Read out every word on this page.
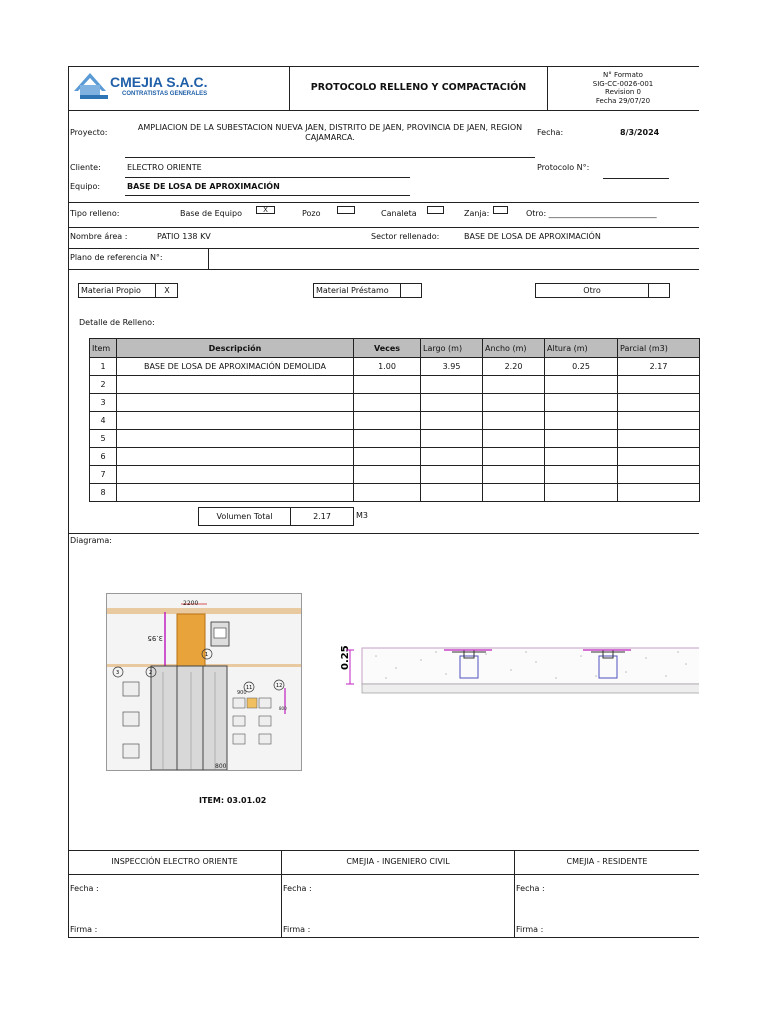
CMEJIA S.A.C.
CONTRATISTAS GENERALES
PROTOCOLO RELLENO Y COMPACTACIÓN
N° Formato
SIG-CC-0026-001
Revision 0
Fecha 29/07/20
Proyecto:
AMPLIACION DE LA SUBESTACION NUEVA JAEN, DISTRITO DE JAEN, PROVINCIA DE JAEN, REGION CAJAMARCA.
Fecha:	8/3/2024
Cliente:	ELECTRO ORIENTE	Protocolo N°:
Equipo:	BASE DE LOSA DE APROXIMACIÓN
Tipo relleno:	Base de Equipo	X	Pozo	Canaleta	Zanja:	Otro: ___________________________
Nombre área :	PATIO 138 KV	Sector rellenado:	BASE DE LOSA DE APROXIMACIÓN
Plano de referencia N°:
Material Propio	X	Material Préstamo	Otro
Detalle de Relleno:
Item	Descripción	Veces	Largo (m)	Ancho (m)	Altura (m)	Parcial (m3)
1	BASE DE LOSA DE APROXIMACIÓN DEMOLIDA	1.00	3.95	2.20	0.25	2.17
2						
3						
4						
5						
6						
7						
8						
Volumen Total	2.17	M3
Diagrama:
2200
3.95
900
800
800
1
2
3
11	12
0.25
ITEM: 03.01.02
INSPECCIÓN ELECTRO ORIENTE	CMEJIA - INGENIERO CIVIL	CMEJIA - RESIDENTE
Fecha :	Fecha :	Fecha :
Firma :	Firma :	Firma :
